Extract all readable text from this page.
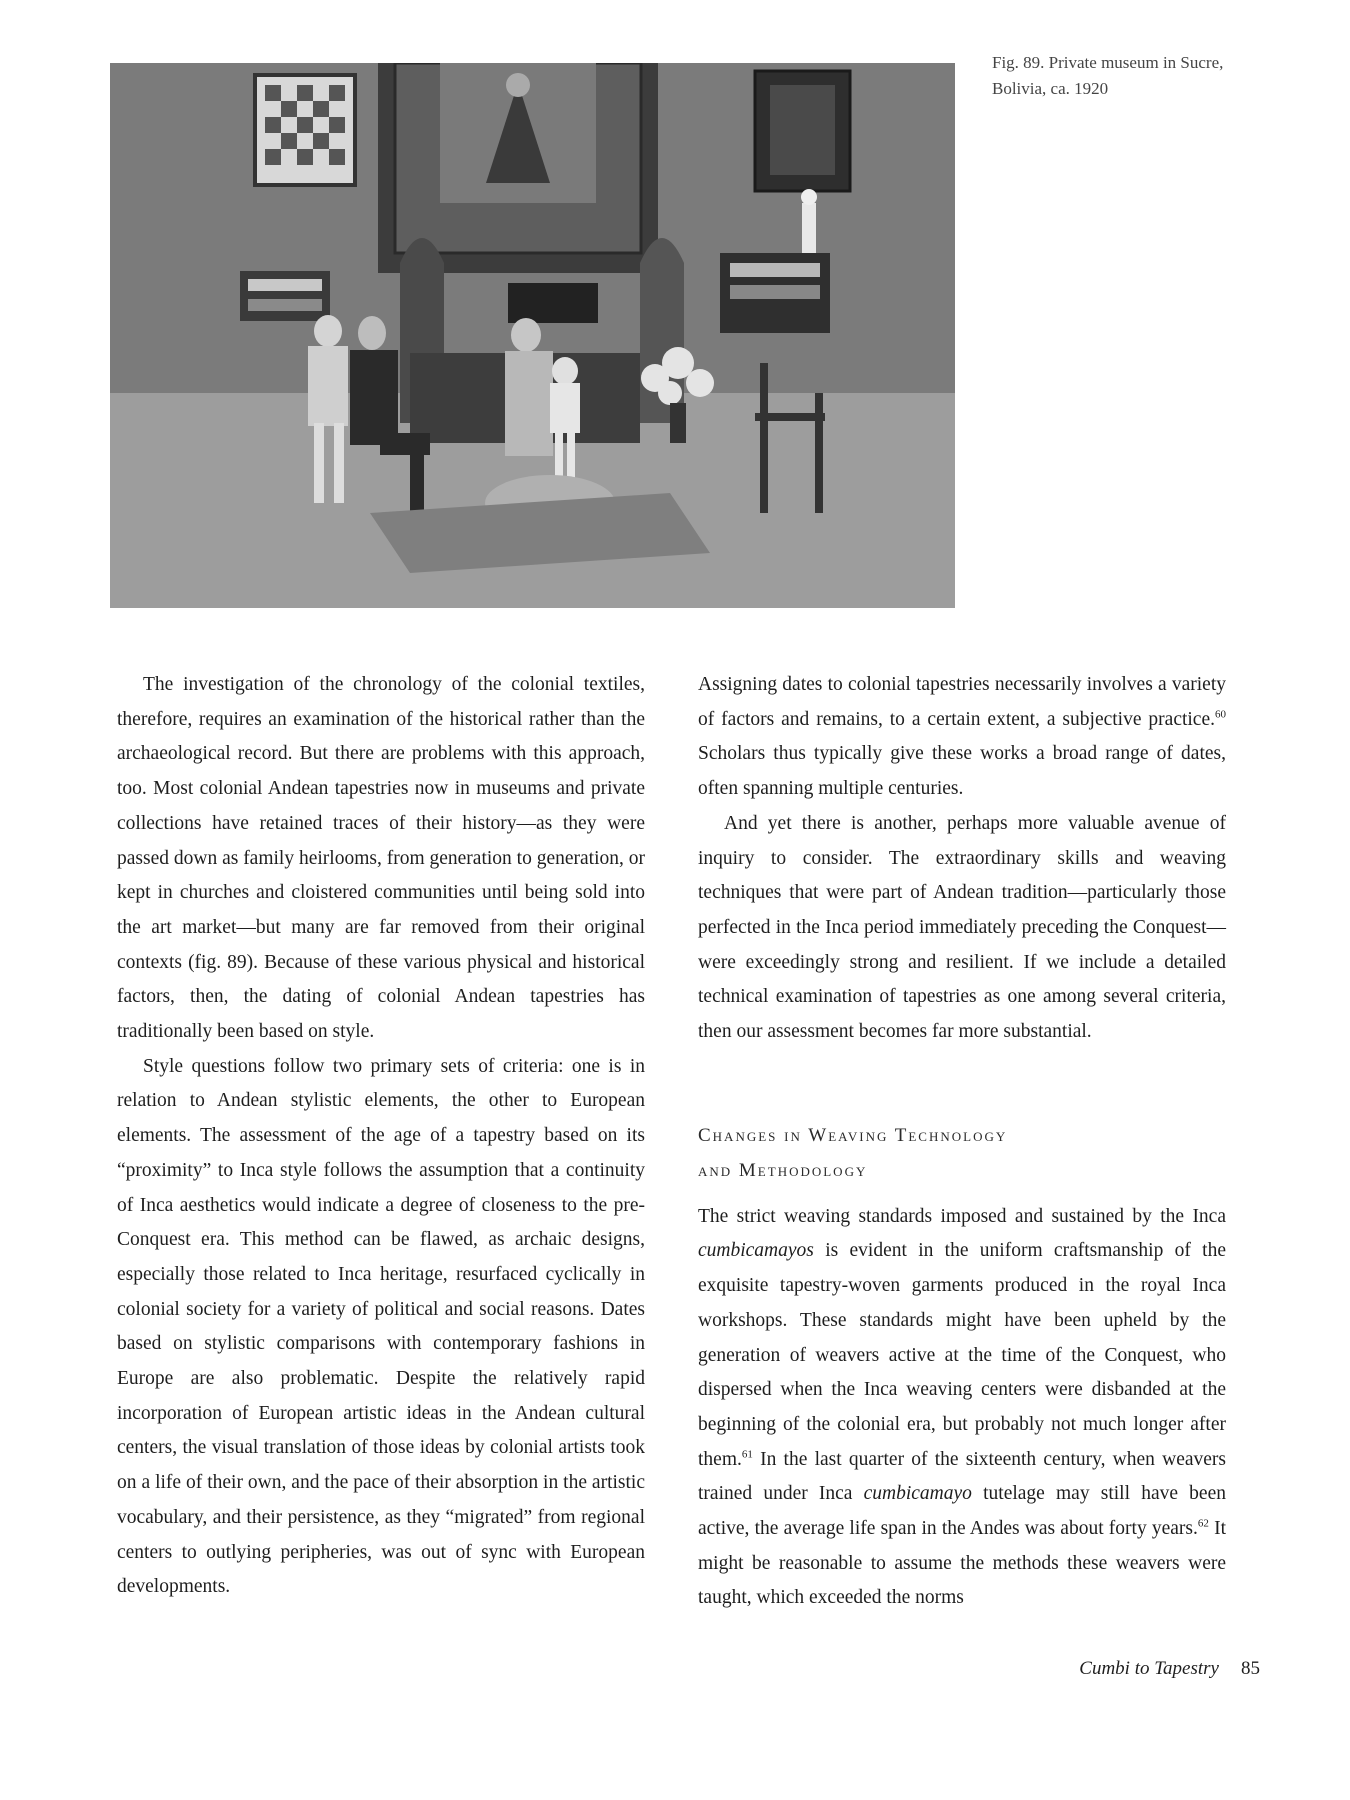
Fig. 89. Private museum in Sucre,
Bolivia, ca. 1920

The investigation of the chronology of the colonial textiles, therefore, requires an examination of the historical rather than the archaeological record. But there are problems with this approach, too. Most colonial Andean tapestries now in museums and private collections have retained traces of their history—as they were passed down as family heirlooms, from generation to generation, or kept in churches and cloistered communities until being sold into the art market—but many are far removed from their original contexts (fig. 89). Because of these various physical and historical factors, then, the dating of colonial Andean tapestries has traditionally been based on style.

Style questions follow two primary sets of criteria: one is in relation to Andean stylistic elements, the other to European elements. The assessment of the age of a tapestry based on its “proximity” to Inca style follows the assumption that a continuity of Inca aesthetics would indicate a degree of closeness to the pre-Conquest era. This method can be flawed, as archaic designs, especially those related to Inca heritage, resurfaced cyclically in colonial society for a variety of political and social reasons. Dates based on stylistic comparisons with contemporary fashions in Europe are also problematic. Despite the relatively rapid incorporation of European artistic ideas in the Andean cultural centers, the visual translation of those ideas by colonial artists took on a life of their own, and the pace of their absorption in the artistic vocabulary, and their persistence, as they “migrated” from regional centers to outlying peripheries, was out of sync with European developments.

Assigning dates to colonial tapestries necessarily involves a variety of factors and remains, to a certain extent, a subjective practice.$^{60}$ Scholars thus typically give these works a broad range of dates, often spanning multiple centuries.

And yet there is another, perhaps more valuable avenue of inquiry to consider. The extraordinary skills and weaving techniques that were part of Andean tradition—particularly those perfected in the Inca period immediately preceding the Conquest—were exceedingly strong and resilient. If we include a detailed technical examination of tapestries as one among several criteria, then our assessment becomes far more substantial.

Changes in Weaving Technology
and Methodology

The strict weaving standards imposed and sustained by the Inca cumbicamayos is evident in the uniform craftsmanship of the exquisite tapestry-woven garments produced in the royal Inca workshops. These standards might have been upheld by the generation of weavers active at the time of the Conquest, who dispersed when the Inca weaving centers were disbanded at the beginning of the colonial era, but probably not much longer after them.$^{61}$ In the last quarter of the sixteenth century, when weavers trained under Inca cumbicamayo tutelage may still have been active, the average life span in the Andes was about forty years.$^{62}$ It might be reasonable to assume the methods these weavers were taught, which exceeded the norms

Cumbi to Tapestry 85
